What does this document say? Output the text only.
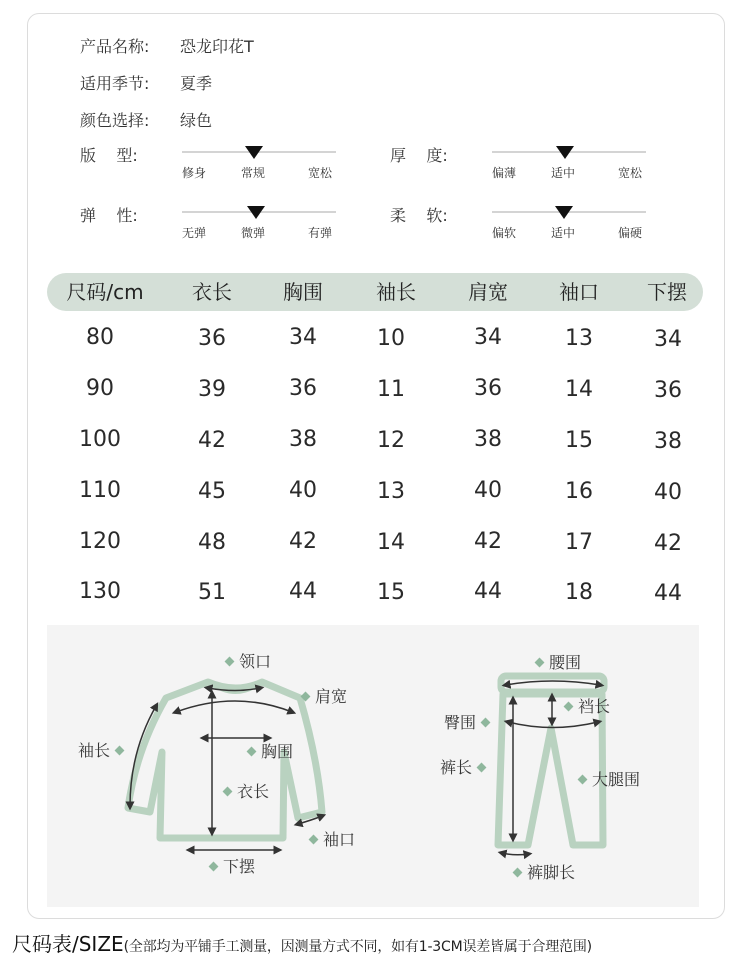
产品名称: 恐龙印花T
适用季节: 夏季
颜色选择: 绿色
版    型:
修身	常规	宽松
厚    度:
偏薄	适中	宽松
弹    性:
无弹	微弹	有弹
柔    软:
偏软	适中	偏硬
尺码/cm	衣长	胸围	袖长	肩宽	袖口	下摆
80	36	34	10	34	13	34
90	39	36	11	36	14	36
100	42	38	12	38	15	38
110	45	40	13	40	16	40
120	48	42	14	42	17	42
130	51	44	15	44	18	44
领口
肩宽
袖长	胸围
衣长
袖口
下摆
腰围
裆长
臀围
裤长
大腿围
裤脚长
尺码表/SIZE(全部均为平铺手工测量，因测量方式不同，如有1-3CM误差皆属于合理范围)
